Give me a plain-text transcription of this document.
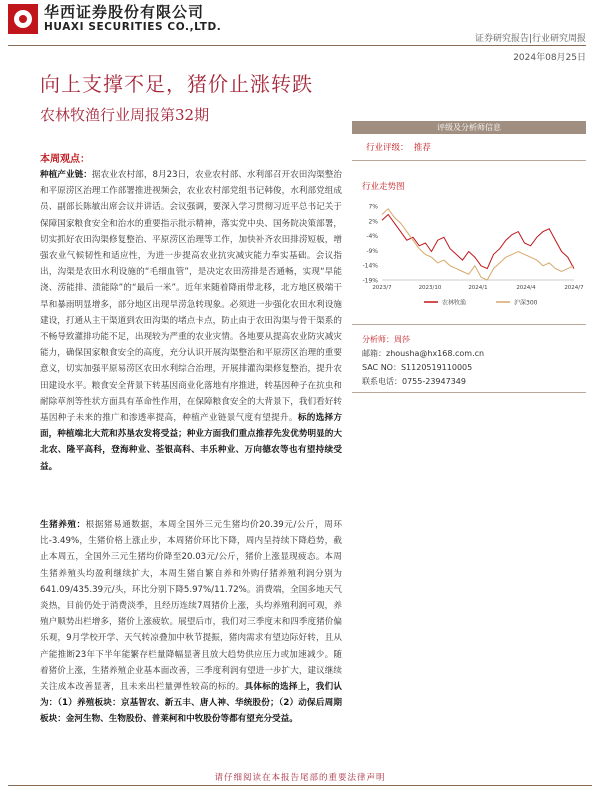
华西证券股份有限公司
HUAXI SECURITIES CO.,LTD.
证券研究报告|行业研究周报
2024年08月25日
向上支撑不足，猪价止涨转跌
农林牧渔行业周报第32期
本周观点：
种植产业链：据农业农村部，8月23日，农业农村部、水利部召开农田沟渠整治和平原涝区治理工作部署推进视频会，农业农村部党组书记韩俊，水利部党组成员、副部长陈敏出席会议并讲话。会议强调，要深入学习贯彻习近平总书记关于保障国家粮食安全和治水的重要指示批示精神，落实党中央、国务院决策部署，切实抓好农田沟渠修复整治、平原涝区治理等工作，加快补齐农田排涝短板，增强农业气候韧性和适应性，为进一步提高农业抗灾减灾能力奉实基础。会议指出，沟渠是农田水利设施的“毛细血管”，是决定农田涝排是否通畅，实现“旱能浇、涝能排、渍能除”的“最后一米”。近年来随着降雨带北移，北方地区极端干旱和暴雨明显增多，部分地区出现旱涝急转现象。必须进一步强化农田水利设施建设，打通从主干渠道到农田沟渠的堵点卡点，防止由于农田沟渠与骨干渠系的不畅导致灌排功能不足，出现较为严重的农业灾情。各地要从提高农业防灾减灾能力，确保国家粮食安全的高度，充分认识开展沟渠整治和平原涝区治理的重要意义，切实加强平原易涝区农田水利综合治理，开展排灌沟渠修复整治，提升农田建设水平。粮食安全背景下转基因商业化落地有序推进，转基因种子在抗虫和耐除草剂等性状方面具有革命性作用，在保障粮食安全的大背景下，我们看好转基因种子未来的推广和渗透率提高，种植产业链景气度有望提升。标的选择方面，种植端北大荒和苏垦农发将受益；种业方面我们重点推荐先发优势明显的大北农、隆平高科，登海种业、荃银高科、丰乐种业、万向德农等也有望持续受益。
生猪养殖：根据猪易通数据，本周全国外三元生猪均价20.39元/公斤，周环比-3.49%，生猪价格上涨止步，本周猪价环比下降，周内呈持续下降趋势，截止本周五，全国外三元生猪均价降至20.03元/公斤，猪价上涨显现疲态。本周生猪养殖头均盈利继续扩大，本周生猪自繁自养和外购仔猪养殖利润分别为641.09/435.39元/头，环比分别下降5.97%/11.72%。消费端，全国多地天气炎热，目前仍处于消费淡季，且经历连续7周猪价上涨，头均养殖利润可观，养殖户顺势出栏增多，猪价上涨疲软。展望后市，我们对三季度末和四季度猪价偏乐观，9月学校开学、天气转凉叠加中秋节提振，猪肉需求有望边际好转，且从产能推断23年下半年能繁存栏量降幅显著且放大趋势供应压力或加速减少。随着猪价上涨，生猪养殖企业基本面改善，三季度利润有望进一步扩大，建议继续关注成本改善显著，且未来出栏量弹性较高的标的。具体标的选择上，我们认为：（1）养殖板块：京基智农、新五丰、唐人神、华统股份；（2）动保后周期板块：金河生物、生物股份、普莱柯和中牧股份等都有望充分受益。
评级及分析师信息
行业评级： 推荐
行业走势图
7%
2%
-4%
-9%
-14%
-19%
2023/7	2023/10	2024/1	2024/4	2024/7
农林牧渔	沪深300
分析师：周莎
邮箱：zhousha@hx168.com.cn
SAC NO：S1120519110005
联系电话：0755-23947349
请仔细阅读在本报告尾部的重要法律声明
